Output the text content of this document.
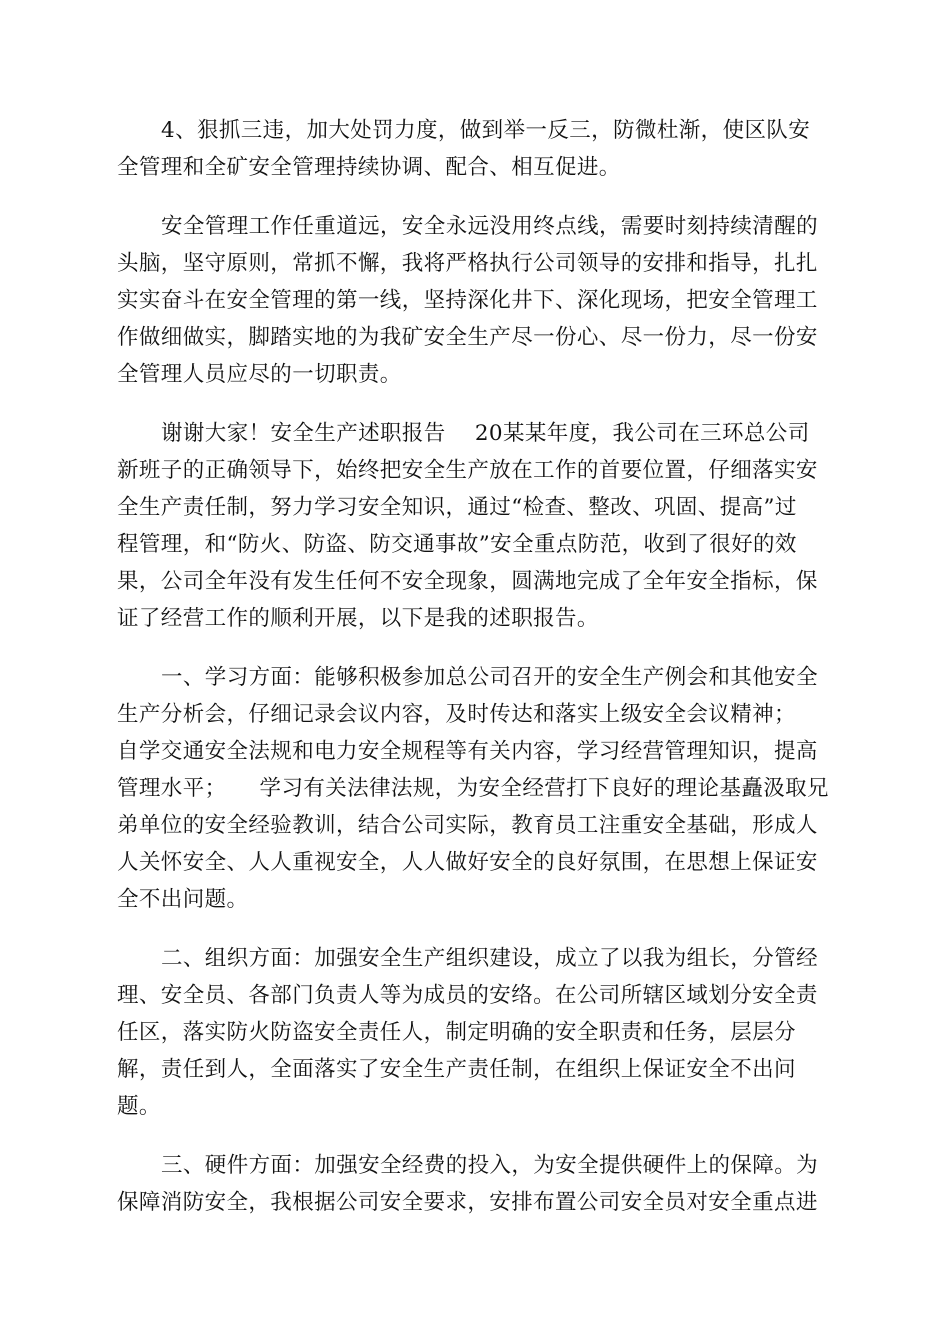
4、狠抓三违，加大处罚力度，做到举一反三，防微杜渐，使区队安
全管理和全矿安全管理持续协调、配合、相互促进。

安全管理工作任重道远，安全永远没用终点线，需要时刻持续清醒的
头脑，坚守原则，常抓不懈，我将严格执行公司领导的安排和指导，扎扎
实实奋斗在安全管理的第一线，坚持深化井下、深化现场，把安全管理工
作做细做实，脚踏实地的为我矿安全生产尽一份心、尽一份力，尽一份安
全管理人员应尽的一切职责。

谢谢大家！安全生产述职报告　 20某某年度，我公司在三环总公司
新班子的正确领导下，始终把安全生产放在工作的首要位置，仔细落实安
全生产责任制，努力学习安全知识，通过“检查、整改、巩固、提高”过
程管理，和“防火、防盗、防交通事故”安全重点防范，收到了很好的效
果，公司全年没有发生任何不安全现象，圆满地完成了全年安全指标，保
证了经营工作的顺利开展，以下是我的述职报告。

一、学习方面：能够积极参加总公司召开的安全生产例会和其他安全
生产分析会，仔细记录会议内容，及时传达和落实上级安全会议精神；
自学交通安全法规和电力安全规程等有关内容，学习经营管理知识，提高
管理水平；　　学习有关法律法规，为安全经营打下良好的理论基矗汲取兄
弟单位的安全经验教训，结合公司实际，教育员工注重安全基础，形成人
人关怀安全、人人重视安全，人人做好安全的良好氛围，在思想上保证安
全不出问题。

二、组织方面：加强安全生产组织建设，成立了以我为组长，分管经
理、安全员、各部门负责人等为成员的安络。在公司所辖区域划分安全责
任区，落实防火防盗安全责任人，制定明确的安全职责和任务，层层分
解，责任到人，全面落实了安全生产责任制，在组织上保证安全不出问
题。

三、硬件方面：加强安全经费的投入，为安全提供硬件上的保障。为
保障消防安全，我根据公司安全要求，安排布置公司安全员对安全重点进
